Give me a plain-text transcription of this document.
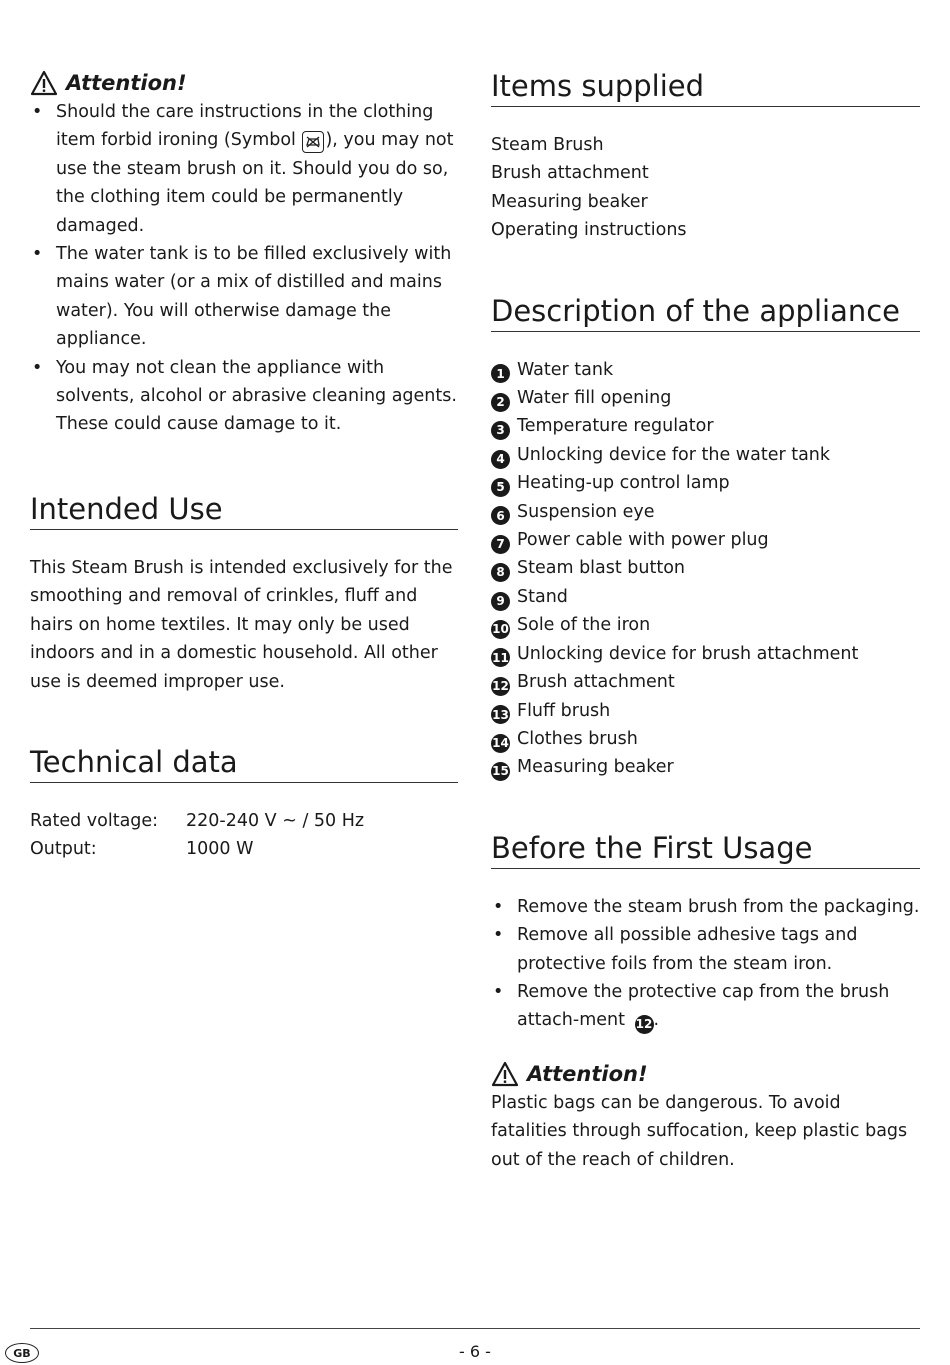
Attention!
• Should the care instructions in the clothing item forbid ironing (Symbol
), you may not use the steam brush on it. Should you do so, the clothing item could be permanently damaged.
• The water tank is to be filled exclusively with mains water (or a mix of distilled and mains water). You will otherwise damage the appliance.
• You may not clean the appliance with solvents, alcohol or abrasive cleaning agents. These could cause damage to it.
Intended Use
This Steam Brush is intended exclusively for the smoothing and removal of crinkles, fluff and hairs on home textiles. It may only be used indoors and in a domestic household. All other use is deemed improper use.
Technical data
Rated voltage:	220-240 V ~ / 50 Hz
Output:	1000 W
Items supplied
Steam Brush
Brush attachment
Measuring beaker
Operating instructions
Description of the appliance
1 Water tank
2 Water fill opening
3 Temperature regulator
4 Unlocking device for the water tank
5 Heating-up control lamp
6 Suspension eye
7 Power cable with power plug
8 Steam blast button
9 Stand
10 Sole of the iron
11 Unlocking device for brush attachment
12 Brush attachment
13 Fluff brush
14 Clothes brush
15 Measuring beaker
Before the First Usage
• Remove the steam brush from the packaging.
• Remove all possible adhesive tags and protective foils from the steam iron.
• Remove the protective cap from the brush attach-ment 12.
Attention!
Plastic bags can be dangerous. To avoid fatalities through suffocation, keep plastic bags out of the reach of children.
GB	- 6 -
